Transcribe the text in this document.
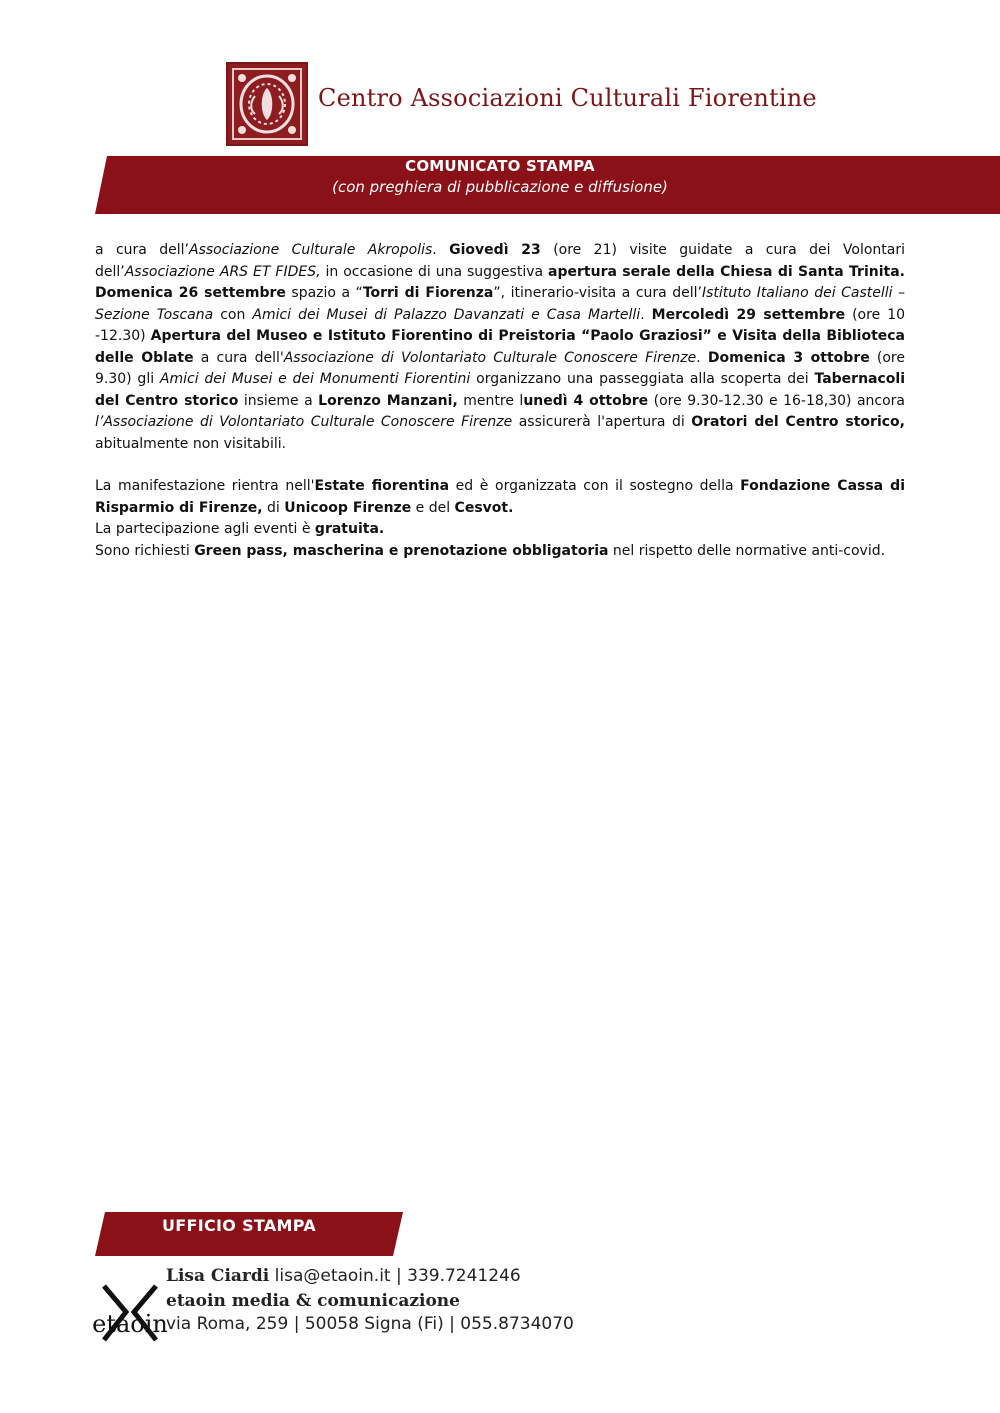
Centro Associazioni Culturali Fiorentine
COMUNICATO STAMPA
(con preghiera di pubblicazione e diffusione)

a cura dell’Associazione Culturale Akropolis. Giovedì 23 (ore 21) visite guidate a cura dei Volontari dell’Associazione ARS ET FIDES, in occasione di una suggestiva apertura serale della Chiesa di Santa Trinita. Domenica 26 settembre spazio a “Torri di Fiorenza”, itinerario-visita a cura dell’Istituto Italiano dei Castelli – Sezione Toscana con Amici dei Musei di Palazzo Davanzati e Casa Martelli. Mercoledì 29 settembre (ore 10 -12.30) Apertura del Museo e Istituto Fiorentino di Preistoria “Paolo Graziosi” e Visita della Biblioteca delle Oblate a cura dell'Associazione di Volontariato Culturale Conoscere Firenze. Domenica 3 ottobre (ore 9.30) gli Amici dei Musei e dei Monumenti Fiorentini organizzano una passeggiata alla scoperta dei Tabernacoli del Centro storico insieme a Lorenzo Manzani, mentre lunedì 4 ottobre (ore 9.30-12.30 e 16-18,30) ancora l’Associazione di Volontariato Culturale Conoscere Firenze assicurerà l'apertura di Oratori del Centro storico, abitualmente non visitabili.

La manifestazione rientra nell'Estate fiorentina ed è organizzata con il sostegno della Fondazione Cassa di Risparmio di Firenze, di Unicoop Firenze e del Cesvot.

La partecipazione agli eventi è gratuita.

Sono richiesti Green pass, mascherina e prenotazione obbligatoria nel rispetto delle normative anti-covid.

UFFICIO STAMPA
etaoin
Lisa Ciardi lisa@etaoin.it | 339.7241246
etaoin media & comunicazione
via Roma, 259 | 50058 Signa (Fi) | 055.8734070
